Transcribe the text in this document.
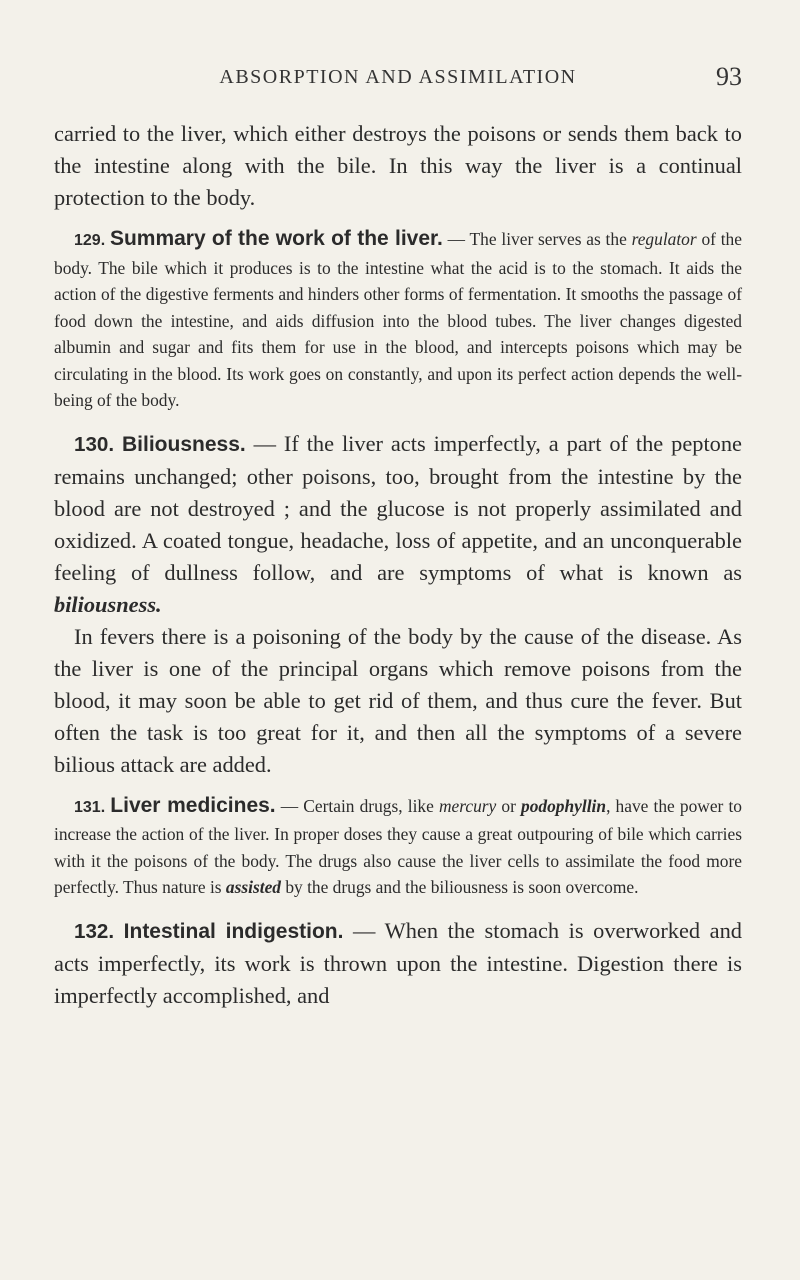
ABSORPTION AND ASSIMILATION	93

carried to the liver, which either destroys the poisons or sends them back to the intestine along with the bile. In this way the liver is a continual protection to the body.

129. Summary of the work of the liver. — The liver serves as the regulator of the body. The bile which it produces is to the intestine what the acid is to the stomach. It aids the action of the digestive ferments and hinders other forms of fermentation. It smooths the passage of food down the intestine, and aids diffusion into the blood tubes. The liver changes digested albumin and sugar and fits them for use in the blood, and intercepts poisons which may be circulating in the blood. Its work goes on constantly, and upon its perfect action depends the well-being of the body.

130. Biliousness. — If the liver acts imperfectly, a part of the peptone remains unchanged; other poisons, too, brought from the intestine by the blood are not destroyed ; and the glucose is not properly assimilated and oxidized. A coated tongue, headache, loss of appetite, and an unconquerable feeling of dullness follow, and are symptoms of what is known as biliousness.

In fevers there is a poisoning of the body by the cause of the disease. As the liver is one of the principal organs which remove poisons from the blood, it may soon be able to get rid of them, and thus cure the fever. But often the task is too great for it, and then all the symptoms of a severe bilious attack are added.

131. Liver medicines. — Certain drugs, like mercury or podophyllin, have the power to increase the action of the liver. In proper doses they cause a great outpouring of bile which carries with it the poisons of the body. The drugs also cause the liver cells to assimilate the food more perfectly. Thus nature is assisted by the drugs and the biliousness is soon overcome.

132. Intestinal indigestion. — When the stomach is overworked and acts imperfectly, its work is thrown upon the intestine. Digestion there is imperfectly accomplished, and
